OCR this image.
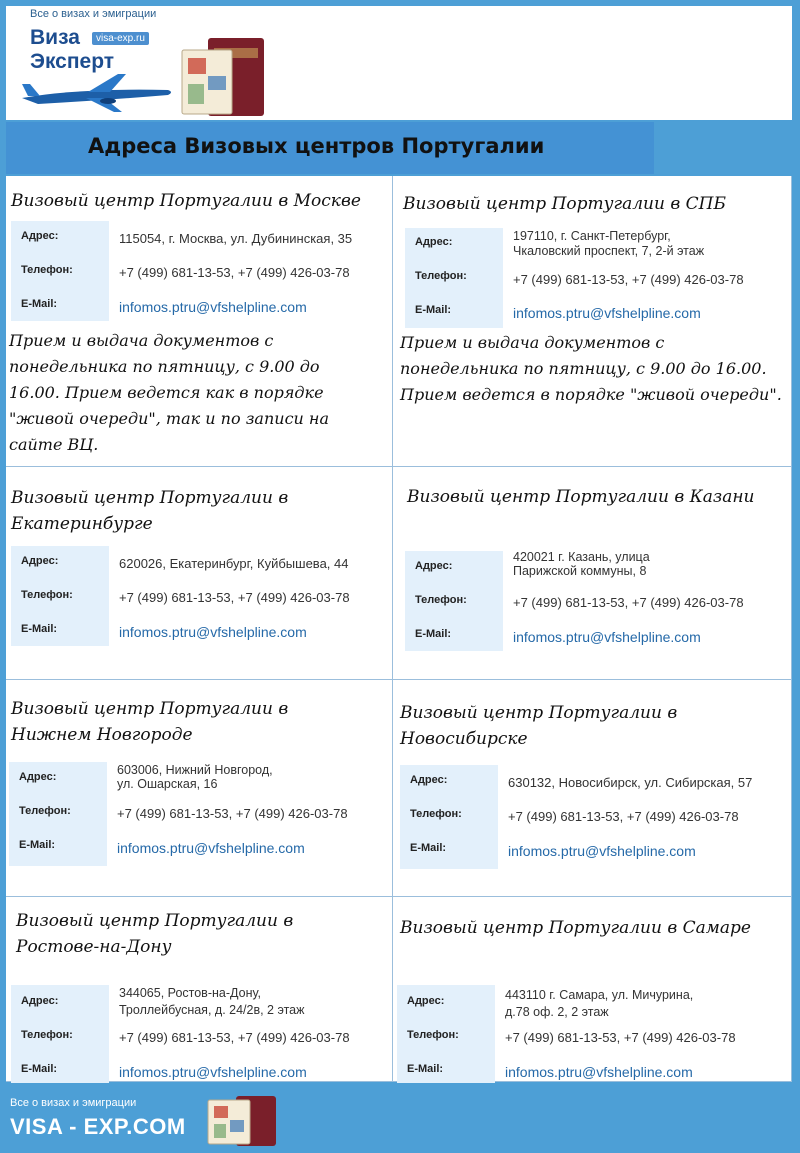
Все о визах и эмиграции
Виза	visa-exp.ru
Эксперт
Адреса Визовых центров Португалии
Визовый центр Португалии в Москве
Адрес:
Телефон:
E-Mail:
115054, г. Москва, ул. Дубининская, 35
+7 (499) 681-13-53, +7 (499) 426-03-78
infomos.ptru@vfshelpline.com
Прием и выдача документов с понедельника по пятницу, с 9.00 до 16.00. Прием ведется как в порядке "живой очереди", так и по записи на сайте ВЦ.
Визовый центр Португалии в СПБ
Адрес:
Телефон:
E-Mail:
197110, г. Санкт-Петербург,
Чкаловский проспект, 7, 2-й этаж
+7 (499) 681-13-53, +7 (499) 426-03-78
infomos.ptru@vfshelpline.com
Прием и выдача документов с понедельника по пятницу, с 9.00 до 16.00. Прием ведется в порядке "живой очереди".
Визовый центр Португалии в Екатеринбурге
Адрес:
Телефон:
E-Mail:
620026, Екатеринбург, Куйбышева, 44
+7 (499) 681-13-53, +7 (499) 426-03-78
infomos.ptru@vfshelpline.com
Визовый центр Португалии в Казани
Адрес:
Телефон:
E-Mail:
420021 г. Казань, улица
Парижской коммуны, 8
+7 (499) 681-13-53, +7 (499) 426-03-78
infomos.ptru@vfshelpline.com
Визовый центр Португалии в Нижнем Новгороде
Адрес:
Телефон:
E-Mail:
603006, Нижний Новгород,
ул. Ошарская, 16
+7 (499) 681-13-53, +7 (499) 426-03-78
infomos.ptru@vfshelpline.com
Визовый центр Португалии в Новосибирске
Адрес:
Телефон:
E-Mail:
630132, Новосибирск, ул. Сибирская, 57
+7 (499) 681-13-53, +7 (499) 426-03-78
infomos.ptru@vfshelpline.com
Визовый центр Португалии в Ростове-на-Дону
Адрес:
Телефон:
E-Mail:
344065, Ростов-на-Дону,
Троллейбусная, д. 24/2в, 2 этаж
+7 (499) 681-13-53, +7 (499) 426-03-78
infomos.ptru@vfshelpline.com
Визовый центр Португалии в Самаре
Адрес:
Телефон:
E-Mail:
443110 г. Самара, ул. Мичурина,
д.78 оф. 2, 2 этаж
+7 (499) 681-13-53, +7 (499) 426-03-78
infomos.ptru@vfshelpline.com
Все о визах и эмиграции
VISA - EXP.COM
